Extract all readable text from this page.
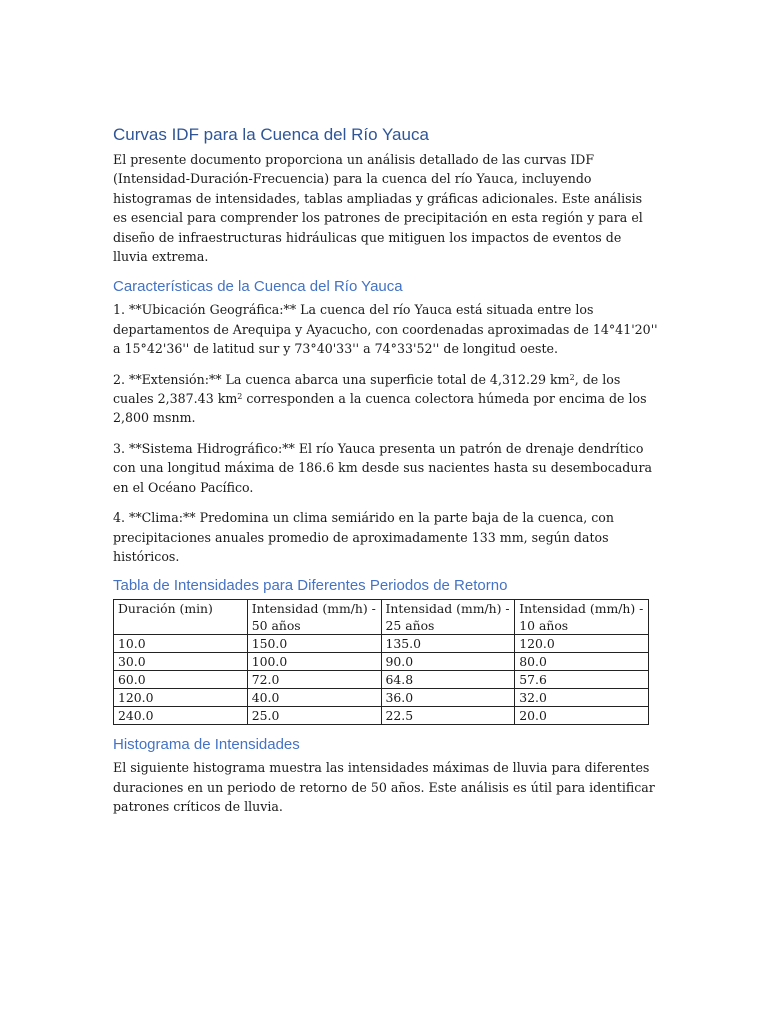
Curvas IDF para la Cuenca del Río Yauca

El presente documento proporciona un análisis detallado de las curvas IDF (Intensidad-Duración-Frecuencia) para la cuenca del río Yauca, incluyendo histogramas de intensidades, tablas ampliadas y gráficas adicionales. Este análisis es esencial para comprender los patrones de precipitación en esta región y para el diseño de infraestructuras hidráulicas que mitiguen los impactos de eventos de lluvia extrema.

Características de la Cuenca del Río Yauca

1. **Ubicación Geográfica:** La cuenca del río Yauca está situada entre los departamentos de Arequipa y Ayacucho, con coordenadas aproximadas de 14°41'20'' a 15°42'36'' de latitud sur y 73°40'33'' a 74°33'52'' de longitud oeste.

2. **Extensión:** La cuenca abarca una superficie total de 4,312.29 $km^2$, de los cuales 2,387.43 $km^2$ corresponden a la cuenca colectora húmeda por encima de los 2,800 msnm.

3. **Sistema Hidrográfico:** El río Yauca presenta un patrón de drenaje dendrítico con una longitud máxima de 186.6 km desde sus nacientes hasta su desembocadura en el Océano Pacífico.

4. **Clima:** Predomina un clima semiárido en la parte baja de la cuenca, con precipitaciones anuales promedio de aproximadamente 133 mm, según datos históricos.

Tabla de Intensidades para Diferentes Periodos de Retorno
Duración (min)	Intensidad (mm/h) - 50 años	Intensidad (mm/h) - 25 años	Intensidad (mm/h) - 10 años
10.0	150.0	135.0	120.0
30.0	100.0	90.0	80.0
60.0	72.0	64.8	57.6
120.0	40.0	36.0	32.0
240.0	25.0	22.5	20.0
Histograma de Intensidades

El siguiente histograma muestra las intensidades máximas de lluvia para diferentes duraciones en un periodo de retorno de 50 años. Este análisis es útil para identificar patrones críticos de lluvia.
